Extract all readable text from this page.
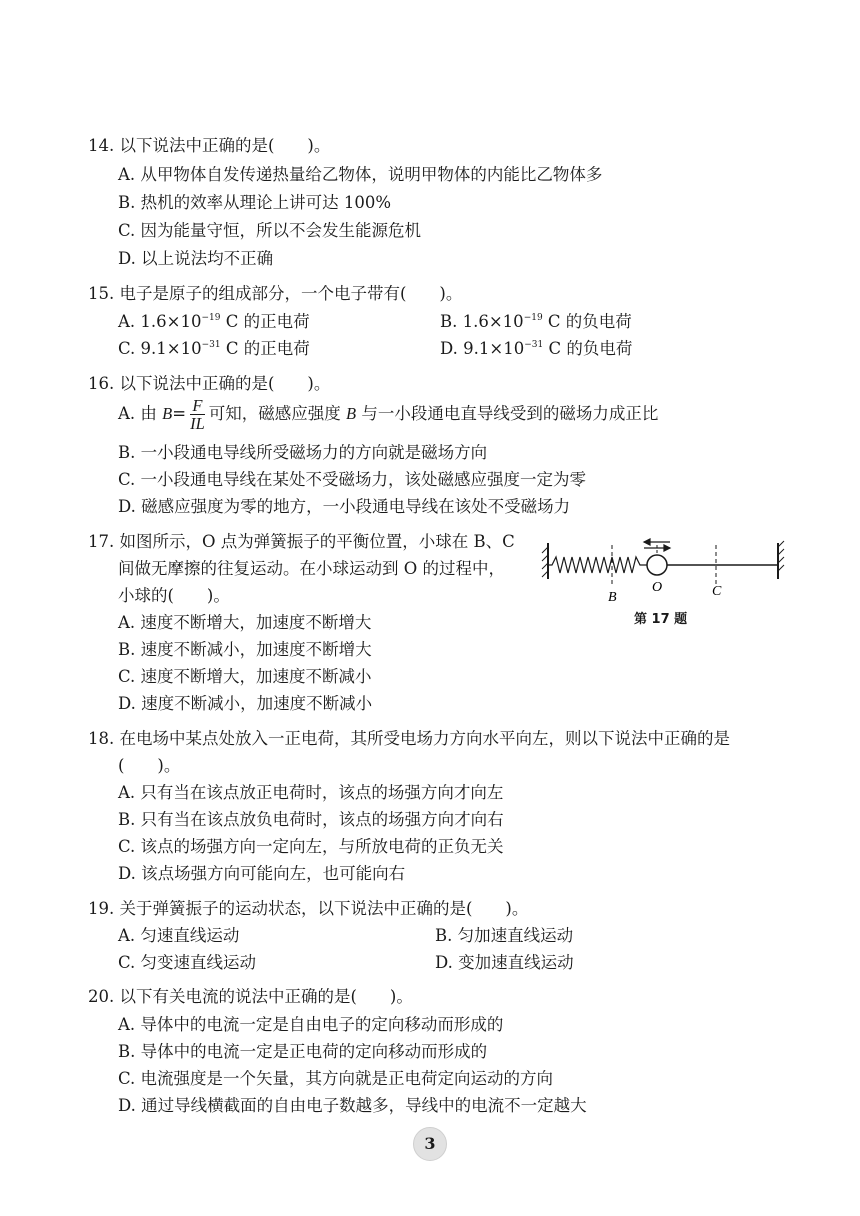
14. 以下说法中正确的是(　　)。
A. 从甲物体自发传递热量给乙物体，说明甲物体的内能比乙物体多
B. 热机的效率从理论上讲可达 100%
C. 因为能量守恒，所以不会发生能源危机
D. 以上说法均不正确
15. 电子是原子的组成部分，一个电子带有(　　)。
A. $1.6\times 10^{-19}$ C 的正电荷	B. $1.6\times 10^{-19}$ C 的负电荷
C. $9.1\times 10^{-31}$ C 的正电荷	D. $9.1\times 10^{-31}$ C 的负电荷
16. 以下说法中正确的是(　　)。
A. 由 $B= \frac{F}{IL}$ 可知，磁感应强度 B 与一小段通电直导线受到的磁场力成正比
B. 一小段通电导线所受磁场力的方向就是磁场方向
C. 一小段通电导线在某处不受磁场力，该处磁感应强度一定为零
D. 磁感应强度为零的地方，一小段通电导线在该处不受磁场力
17. 如图所示，O 点为弹簧振子的平衡位置，小球在 B、C
间做无摩擦的往复运动。在小球运动到 O 的过程中，
小球的(　　)。
A. 速度不断增大，加速度不断增大
B. 速度不断减小，加速度不断增大
C. 速度不断增大，加速度不断减小
D. 速度不断减小，加速度不断减小
B
O	C
第 17 题
18. 在电场中某点处放入一正电荷，其所受电场力方向水平向左，则以下说法中正确的是
(　　)。
A. 只有当在该点放正电荷时，该点的场强方向才向左
B. 只有当在该点放负电荷时，该点的场强方向才向右
C. 该点的场强方向一定向左，与所放电荷的正负无关
D. 该点场强方向可能向左，也可能向右
19. 关于弹簧振子的运动状态，以下说法中正确的是(　　)。
A. 匀速直线运动	B. 匀加速直线运动
C. 匀变速直线运动	D. 变加速直线运动
20. 以下有关电流的说法中正确的是(　　)。
A. 导体中的电流一定是自由电子的定向移动而形成的
B. 导体中的电流一定是正电荷的定向移动而形成的
C. 电流强度是一个矢量，其方向就是正电荷定向运动的方向
D. 通过导线横截面的自由电子数越多，导线中的电流不一定越大
3
